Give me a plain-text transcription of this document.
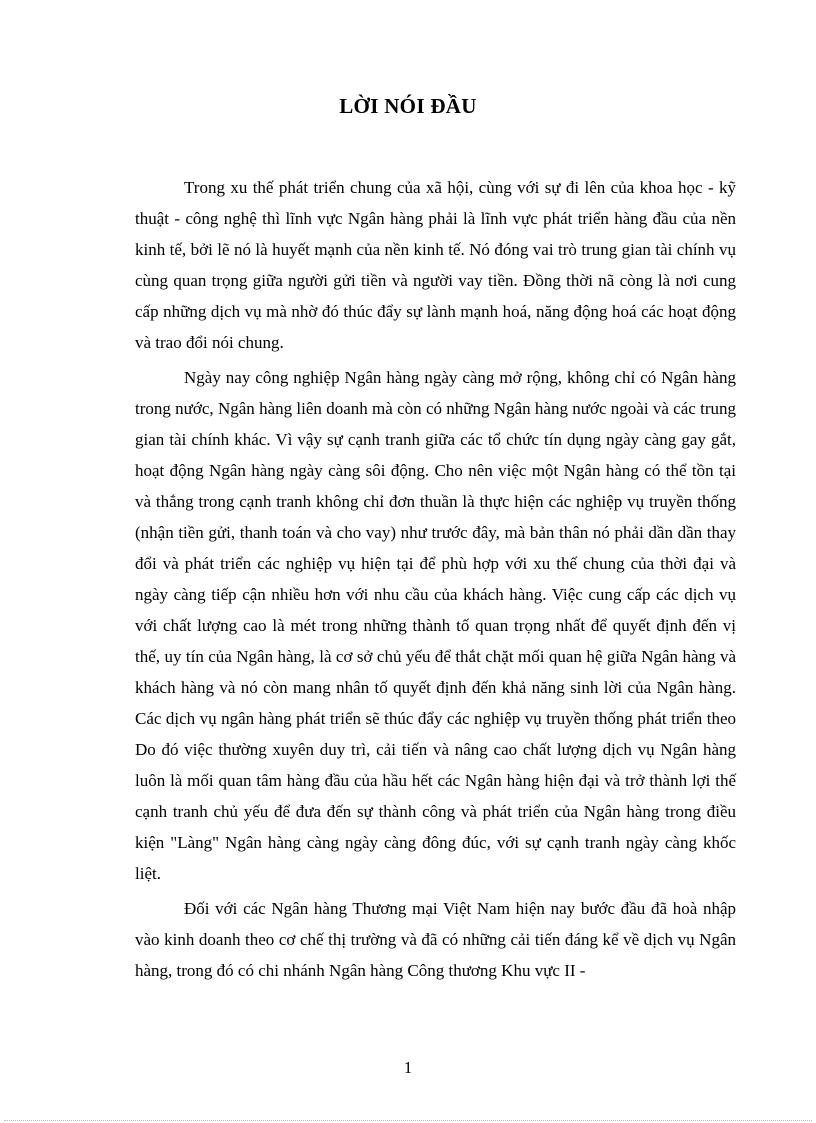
LỜI NÓI ĐẦU

Trong xu thế phát triển chung của xã hội, cùng với sự đi lên của khoa học - kỹ thuật - công nghệ thì lĩnh vực Ngân hàng phải là lĩnh vực phát triển hàng đầu của nền kinh tế, bởi lẽ nó là huyết mạnh của nền kinh tế. Nó đóng vai trò trung gian tài chính vụ cùng quan trọng giữa người gửi tiền và người vay tiền. Đồng thời nã còng là nơi cung cấp những dịch vụ mà nhờ đó thúc đẩy sự lành mạnh hoá, năng động hoá các hoạt động và trao đổi nói chung.

Ngày nay công nghiệp Ngân hàng ngày càng mở rộng, không chỉ có Ngân hàng trong nước, Ngân hàng liên doanh mà còn có những Ngân hàng nước ngoài và các trung gian tài chính khác. Vì vậy sự cạnh tranh giữa các tổ chức tín dụng ngày càng gay gắt, hoạt động Ngân hàng ngày càng sôi động. Cho nên việc một Ngân hàng có thể tồn tại và thắng trong cạnh tranh không chỉ đơn thuần là thực hiện các nghiệp vụ truyền thống (nhận tiền gửi, thanh toán và cho vay) như trước đây, mà bản thân nó phải dần dần thay đổi và phát triển các nghiệp vụ hiện tại để phù hợp với xu thế chung của thời đại và ngày càng tiếp cận nhiều hơn với nhu cầu của khách hàng. Việc cung cấp các dịch vụ với chất lượng cao là mét trong những thành tố quan trọng nhất để quyết định đến vị thế, uy tín của Ngân hàng, là cơ sở chủ yếu để thắt chặt mối quan hệ giữa Ngân hàng và khách hàng và nó còn mang nhân tố quyết định đến khả năng sinh lời của Ngân hàng. Các dịch vụ ngân hàng phát triển sẽ thúc đẩy các nghiệp vụ truyền thống phát triển theo Do đó việc thường xuyên duy trì, cải tiến và nâng cao chất lượng dịch vụ Ngân hàng luôn là mối quan tâm hàng đầu của hầu hết các Ngân hàng hiện đại và trở thành lợi thế cạnh tranh chủ yếu để đưa đến sự thành công và phát triển của Ngân hàng trong điều kiện "Làng" Ngân hàng càng ngày càng đông đúc, với sự cạnh tranh ngày càng khốc liệt.

Đối với các Ngân hàng Thương mại Việt Nam hiện nay bước đầu đã hoà nhập vào kinh doanh theo cơ chế thị trường và đã có những cải tiến đáng kể về dịch vụ Ngân hàng, trong đó có chi nhánh Ngân hàng Công thương Khu vực II -

1
